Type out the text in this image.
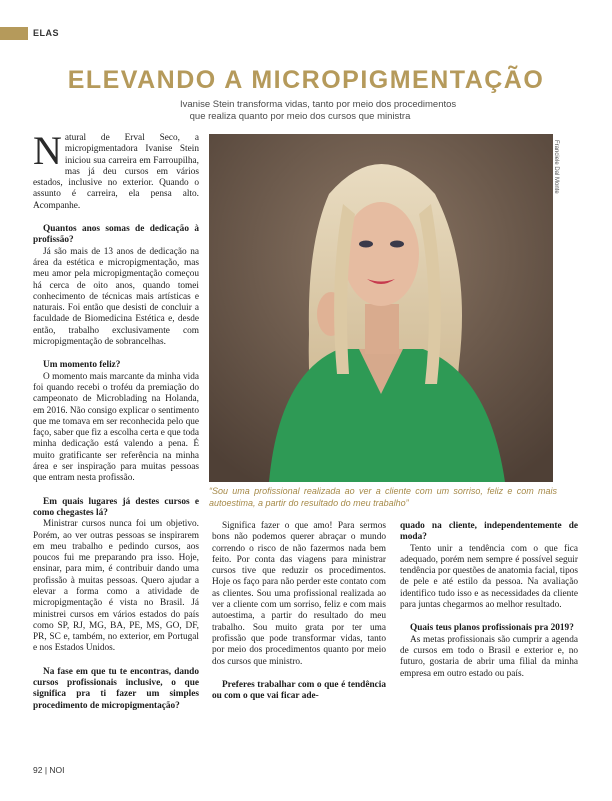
ELAS
ELEVANDO A MICROPIGMENTAÇÃO
Ivanise Stein transforma vidas, tanto por meio dos procedimentos
que realiza quanto por meio dos cursos que ministra

Natural de Erval Seco, a micropigmentadora Ivanise Stein iniciou sua carreira em Farroupilha, mas já deu cursos em vários estados, inclusive no exterior. Quando o assunto é carreira, ela pensa alto. Acompanhe.

Quantos anos somas de dedicação à profissão?

Já são mais de 13 anos de dedicação na área da estética e micropigmentação, mas meu amor pela micropigmentação começou há cerca de oito anos, quando tomei conhecimento de técnicas mais artísticas e naturais. Foi então que desisti de concluir a faculdade de Biomedicina Estética e, desde então, trabalho exclusivamente com micropigmentação de sobrancelhas.

Um momento feliz?

O momento mais marcante da minha vida foi quando recebi o troféu da premiação do campeonato de Microblading na Holanda, em 2016. Não consigo explicar o sentimento que me tomava em ser reconhecida pelo que faço, saber que fiz a escolha certa e que toda minha dedicação está valendo a pena. É muito gratificante ser referência na minha área e ser inspiração para muitas pessoas que entram nesta profissão.

Em quais lugares já destes cursos e como chegastes lá?

Ministrar cursos nunca foi um objetivo. Porém, ao ver outras pessoas se inspirarem em meu trabalho e pedindo cursos, aos poucos fui me preparando pra isso. Hoje, ensinar, para mim, é contribuir dando uma profissão à muitas pessoas. Quero ajudar a elevar a forma como a atividade de micropigmentação é vista no Brasil. Já ministrei cursos em vários estados do país como SP, RJ, MG, BA, PE, MS, GO, DF, PR, SC e, também, no exterior, em Portugal e nos Estados Unidos.

Na fase em que tu te encontras, dando cursos profissionais inclusive, o que significa pra ti fazer um simples procedimento de micropigmentação?

Franciele Dal Monte

“Sou uma profissional realizada ao ver a cliente com um sorriso, feliz e com mais autoestima, a partir do resultado do meu trabalho”

Significa fazer o que amo! Para sermos bons não podemos querer abraçar o mundo correndo o risco de não fazermos nada bem feito. Por conta das viagens para ministrar cursos tive que reduzir os procedimentos. Hoje os faço para não perder este contato com as clientes. Sou uma profissional realizada ao ver a cliente com um sorriso, feliz e com mais autoestima, a partir do resultado do meu trabalho. Sou muito grata por ter uma profissão que pode transformar vidas, tanto por meio dos procedimentos quanto por meio dos cursos que ministro.

Preferes trabalhar com o que é tendência ou com o que vai ficar ade-

quado na cliente, independentemente de moda?

Tento unir a tendência com o que fica adequado, porém nem sempre é possível seguir tendência por questões de anatomia facial, tipos de pele e até estilo da pessoa. Na avaliação identifico tudo isso e as necessidades da cliente para juntas chegarmos ao melhor resultado.

Quais teus planos profissionais pra 2019?

As metas profissionais são cumprir a agenda de cursos em todo o Brasil e exterior e, no futuro, gostaria de abrir uma filial da minha empresa em outro estado ou país.

92 | NOI
